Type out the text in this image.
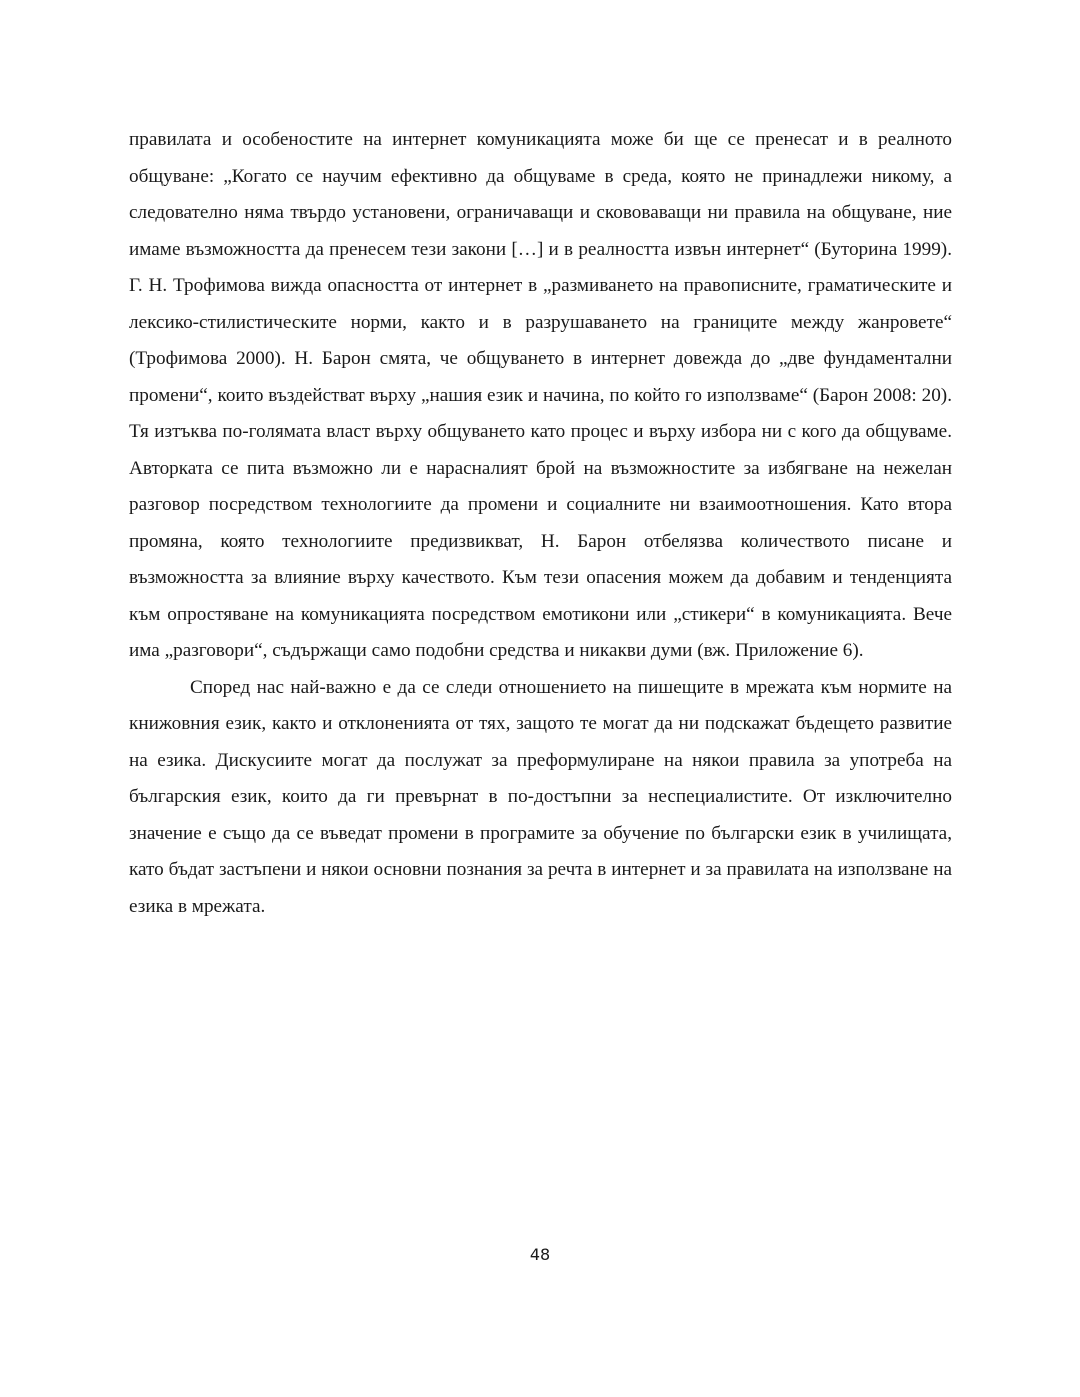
правилата и особеностите на интернет комуникацията може би ще се пренесат и в реалното общуване: „Когато се научим ефективно да общуваме в среда, която не принадлежи никому, а следователно няма твърдо установени, ограничаващи и скововаващи ни правила на общуване, ние имаме възможността да пренесем тези закони […] и в реалността извън интернет“ (Буторина 1999). Г. Н. Трофимова вижда опасността от интернет в „размиването на правописните, граматическите и лексико-стилистическите норми, както и в разрушаването на границите между жанровете“ (Трофимова 2000). Н. Барон смята, че общуването в интернет довежда до „две фундаментални промени“, които въздействат върху „нашия език и начина, по който го използваме“ (Барон 2008: 20). Тя изтъква по-голямата власт върху общуването като процес и върху избора ни с кого да общуваме. Авторката се пита възможно ли е нарасналият брой на възможностите за избягване на нежелан разговор посредством технологиите да промени и социалните ни взаимоотношения. Като втора промяна, която технологиите предизвикват, Н. Барон отбелязва количеството писане и възможността за влияние върху качеството. Към тези опасения можем да добавим и тенденцията към опростяване на комуникацията посредством емотикони или „стикери“ в комуникацията. Вече има „разговори“, съдържащи само подобни средства и никакви думи (вж. Приложение 6).

Според нас най-важно е да се следи отношението на пишещите в мрежата към нормите на книжовния език, както и отклоненията от тях, защото те могат да ни подскажат бъдещето развитие на езика. Дискусиите могат да послужат за преформулиране на някои правила за употреба на българския език, които да ги превърнат в по-достъпни за неспециалистите. От изключително значение е също да се въведат промени в програмите за обучение по български език в училищата, като бъдат застъпени и някои основни познания за речта в интернет и за правилата на използване на езика в мрежата.

48
